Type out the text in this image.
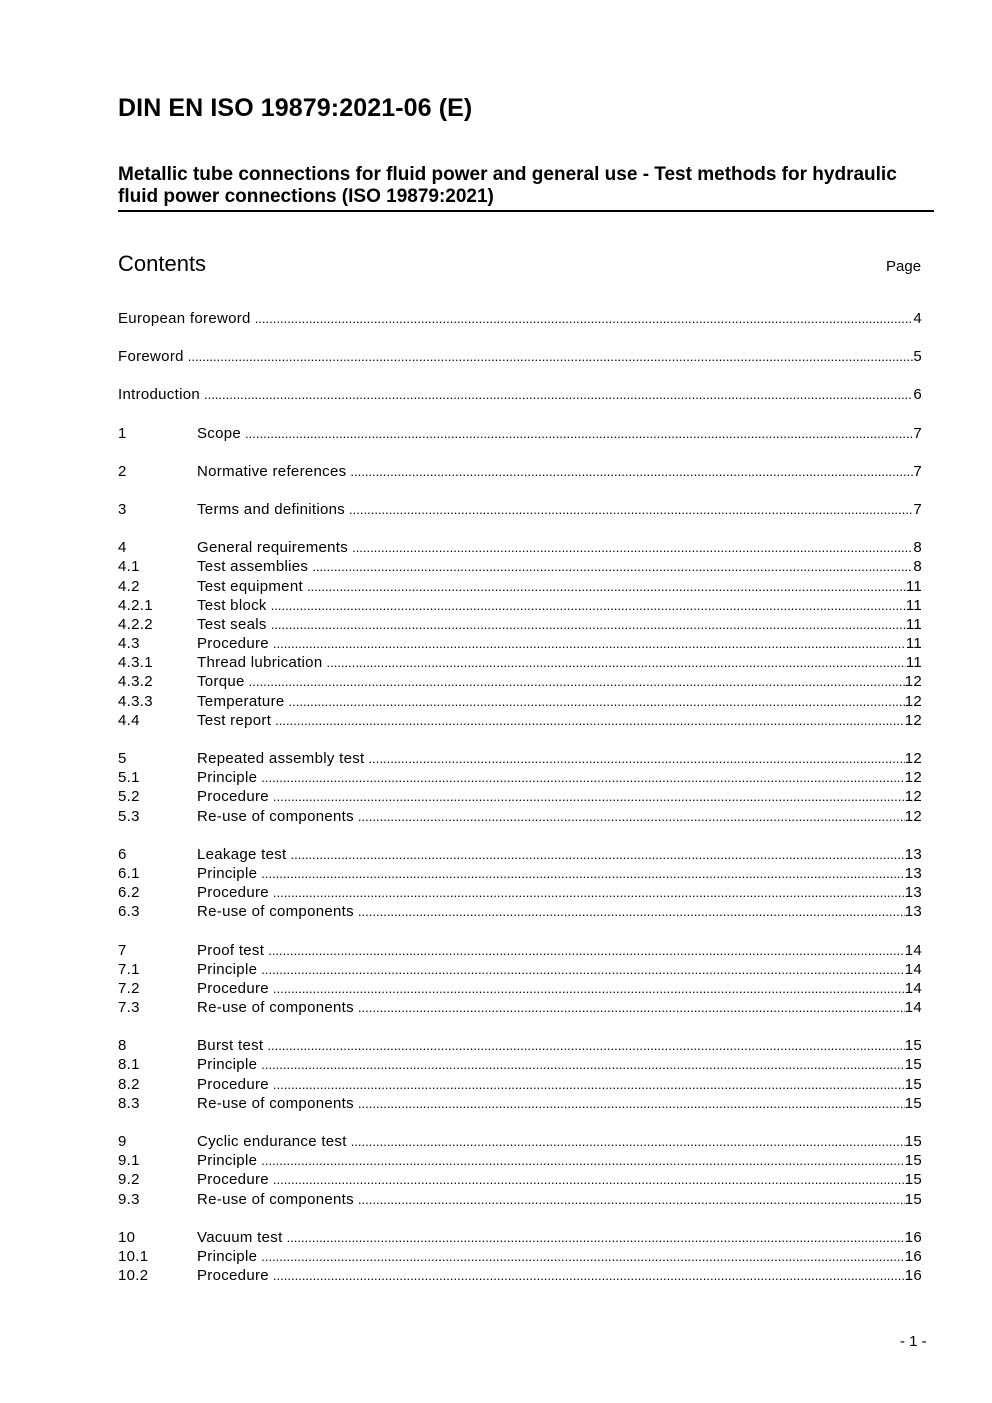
DIN EN ISO 19879:2021-06 (E)
Metallic tube connections for fluid power and general use - Test methods for hydraulic fluid power connections (ISO 19879:2021)
Contents	Page
European foreword .....	4
Foreword .....	5
Introduction .....	6
1	Scope .....	7
2	Normative references .....	7
3	Terms and definitions .....	7
4	General requirements .....	8
4.1	Test assemblies .....	8
4.2	Test equipment .....	11
4.2.1	Test block .....	11
4.2.2	Test seals .....	11
4.3	Procedure .....	11
4.3.1	Thread lubrication .....	11
4.3.2	Torque .....	12
4.3.3	Temperature .....	12
4.4	Test report .....	12
5	Repeated assembly test .....	12
5.1	Principle .....	12
5.2	Procedure .....	12
5.3	Re-use of components .....	12
6	Leakage test .....	13
6.1	Principle .....	13
6.2	Procedure .....	13
6.3	Re-use of components .....	13
7	Proof test .....	14
7.1	Principle .....	14
7.2	Procedure .....	14
7.3	Re-use of components .....	14
8	Burst test .....	15
8.1	Principle .....	15
8.2	Procedure .....	15
8.3	Re-use of components .....	15
9	Cyclic endurance test .....	15
9.1	Principle .....	15
9.2	Procedure .....	15
9.3	Re-use of components .....	15
10	Vacuum test .....	16
10.1	Principle .....	16
10.2	Procedure .....	16
- 1 -
